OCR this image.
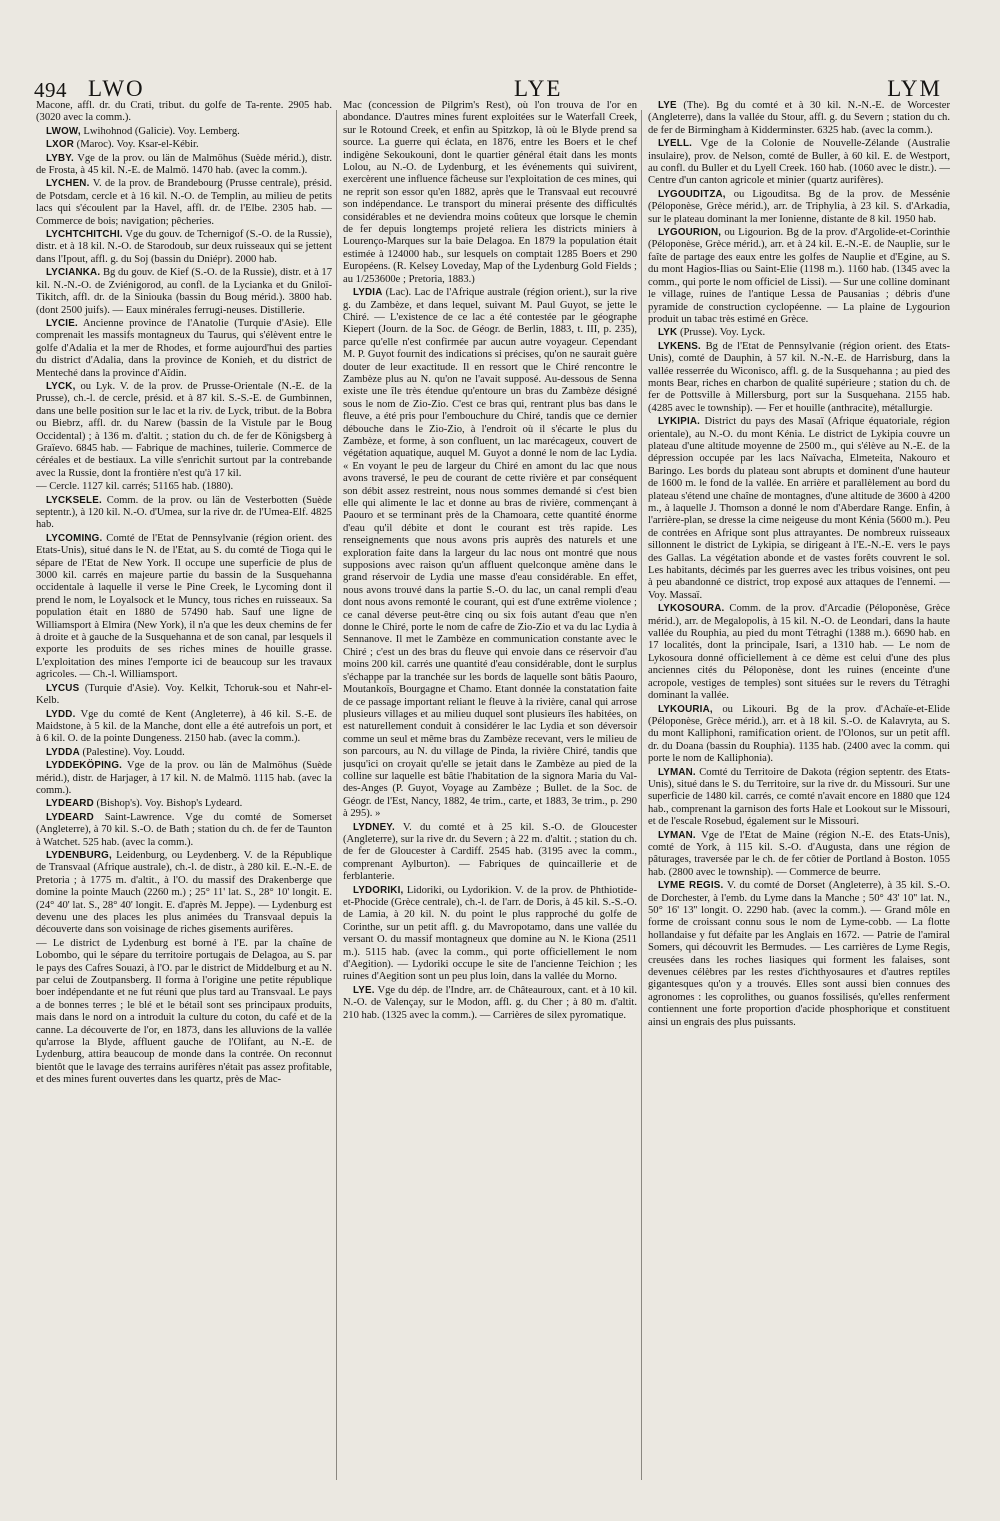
494 LWO	LYE	LYM

Macone, affl. dr. du Crati, tribut. du golfe de Ta-rente. 2905 hab. (3020 avec la comm.).

LWOW, Lwihohnod (Galicie). Voy. Lemberg.

LXOR (Maroc). Voy. Ksar-el-Kébir.

LYBY. Vge de la prov. ou län de Malmöhus (Suède mérid.), distr. de Frosta, à 45 kil. N.-E. de Malmö. 1470 hab. (avec la comm.).

LYCHEN. V. de la prov. de Brandebourg (Prusse centrale), présid. de Potsdam, cercle et à 16 kil. N.-O. de Templin, au milieu de petits lacs qui s'écoulent par la Havel, affl. dr. de l'Elbe. 2305 hab. — Commerce de bois; navigation; pêcheries.

LYCHTCHITCHI. Vge du gouv. de Tchernigof (S.-O. de la Russie), distr. et à 18 kil. N.-O. de Starodoub, sur deux ruisseaux qui se jettent dans l'Ipout, affl. g. du Soj (bassin du Dniépr). 2000 hab.

LYCIANKA. Bg du gouv. de Kief (S.-O. de la Russie), distr. et à 17 kil. N.-N.-O. de Zviénigorod, au confl. de la Lycianka et du Gniloï-Tikitch, affl. dr. de la Siniouka (bassin du Boug mérid.). 3800 hab. (dont 2500 juifs). — Eaux minérales ferrugi-neuses. Distillerie.

LYCIE. Ancienne province de l'Anatolie (Turquie d'Asie). Elle comprenait les massifs montagneux du Taurus, qui s'élèvent entre le golfe d'Adalia et la mer de Rhodes, et forme aujourd'hui des parties du district d'Adalia, dans la province de Konieh, et du district de Menteché dans la province d'Aïdin.

LYCK, ou Lyk. V. de la prov. de Prusse-Orientale (N.-E. de la Prusse), ch.-l. de cercle, présid. et à 87 kil. S.-S.-E. de Gumbinnen, dans une belle position sur le lac et la riv. de Lyck, tribut. de la Bobra ou Biebrz, affl. dr. du Narew (bassin de la Vistule par le Boug Occidental) ; à 136 m. d'altit. ; station du ch. de fer de Königsberg à Graïevo. 6845 hab. — Fabrique de machines, tuilerie. Commerce de céréales et de bestiaux. La ville s'enrichit surtout par la contrebande avec la Russie, dont la frontière n'est qu'à 17 kil.

— Cercle. 1127 kil. carrés; 51165 hab. (1880).

LYCKSELE. Comm. de la prov. ou län de Vesterbotten (Suède septentr.), à 120 kil. N.-O. d'Umea, sur la rive dr. de l'Umea-Elf. 4825 hab.

LYCOMING. Comté de l'Etat de Pennsylvanie (région orient. des Etats-Unis), situé dans le N. de l'Etat, au S. du comté de Tioga qui le sépare de l'Etat de New York. Il occupe une superficie de plus de 3000 kil. carrés en majeure partie du bassin de la Susquehanna occidentale à laquelle il verse le Pine Creek, le Lycoming dont il prend le nom, le Loyalsock et le Muncy, tous riches en ruisseaux. Sa population était en 1880 de 57490 hab. Sauf une ligne de Williamsport à Elmira (New York), il n'a que les deux chemins de fer à droite et à gauche de la Susquehanna et de son canal, par lesquels il exporte les produits de ses riches mines de houille grasse. L'exploitation des mines l'emporte ici de beaucoup sur les travaux agricoles. — Ch.-l. Williamsport.

LYCUS (Turquie d'Asie). Voy. Kelkit, Tchoruk-sou et Nahr-el-Kelb.

LYDD. Vge du comté de Kent (Angleterre), à 46 kil. S.-E. de Maidstone, à 5 kil. de la Manche, dont elle a été autrefois un port, et à 6 kil. O. de la pointe Dungeness. 2150 hab. (avec la comm.).

LYDDA (Palestine). Voy. Loudd.

LYDDEKÖPING. Vge de la prov. ou län de Malmöhus (Suède mérid.), distr. de Harjager, à 17 kil. N. de Malmö. 1115 hab. (avec la comm.).

LYDEARD (Bishop's). Voy. Bishop's Lydeard.

LYDEARD Saint-Lawrence. Vge du comté de Somerset (Angleterre), à 70 kil. S.-O. de Bath ; station du ch. de fer de Taunton à Watchet. 525 hab. (avec la comm.).

LYDENBURG, Leidenburg, ou Leydenberg. V. de la République de Transvaal (Afrique australe), ch.-l. de distr., à 280 kil. E.-N.-E. de Pretoria ; à 1775 m. d'altit., à l'O. du massif des Drakenberge que domine la pointe Mauch (2260 m.) ; 25° 11' lat. S., 28° 10' longit. E. (24° 40' lat. S., 28° 40' longit. E. d'après M. Jeppe). — Lydenburg est devenu une des places les plus animées du Transvaal depuis la découverte dans son voisinage de riches gisements aurifères.

— Le district de Lydenburg est borné à l'E. par la chaîne de Lobombo, qui le sépare du territoire portugais de Delagoa, au S. par le pays des Cafres Souazi, à l'O. par le district de Middelburg et au N. par celui de Zoutpansberg. Il forma à l'origine une petite république boer indépendante et ne fut réuni que plus tard au Transvaal. Le pays a de bonnes terres ; le blé et le bétail sont ses principaux produits, mais dans le nord on a introduit la culture du coton, du café et de la canne. La découverte de l'or, en 1873, dans les alluvions de la vallée qu'arrose la Blyde, affluent gauche de l'Olifant, au N.-E. de Lydenburg, attira beaucoup de monde dans la contrée. On reconnut bientôt que le lavage des terrains aurifères n'était pas assez profitable, et des mines furent ouvertes dans les quartz, près de Mac-

Mac (concession de Pilgrim's Rest), où l'on trouva de l'or en abondance. D'autres mines furent exploitées sur le Waterfall Creek, sur le Rotound Creek, et enfin au Spitzkop, là où le Blyde prend sa source. La guerre qui éclata, en 1876, entre les Boers et le chef indigène Sekoukouni, dont le quartier général était dans les monts Lolou, au N.-O. de Lydenburg, et les événements qui suivirent, exercèrent une influence fâcheuse sur l'exploitation de ces mines, qui ne reprit son essor qu'en 1882, après que le Transvaal eut recouvré son indépendance. Le transport du minerai présente des difficultés considérables et ne deviendra moins coûteux que lorsque le chemin de fer depuis longtemps projeté reliera les districts miniers à Lourenço-Marques sur la baie Delagoa. En 1879 la population était estimée à 124000 hab., sur lesquels on comptait 1285 Boers et 290 Européens. (R. Kelsey Loveday, Map of the Lydenburg Gold Fields ; au 1/253600e ; Pretoria, 1883.)

LYDIA (Lac). Lac de l'Afrique australe (région orient.), sur la rive g. du Zambèze, et dans lequel, suivant M. Paul Guyot, se jette le Chiré. — L'existence de ce lac a été contestée par le géographe Kiepert (Journ. de la Soc. de Géogr. de Berlin, 1883, t. III, p. 235), parce qu'elle n'est confirmée par aucun autre voyageur. Cependant M. P. Guyot fournit des indications si précises, qu'on ne saurait guère douter de leur exactitude. Il en ressort que le Chiré rencontre le Zambèze plus au N. qu'on ne l'avait supposé. Au-dessous de Senna existe une île très étendue qu'entoure un bras du Zambèze désigné sous le nom de Zio-Zio. C'est ce bras qui, rentrant plus bas dans le fleuve, a été pris pour l'embouchure du Chiré, tandis que ce dernier débouche dans le Zio-Zio, à l'endroit où il s'écarte le plus du Zambèze, et forme, à son confluent, un lac marécageux, couvert de végétation aquatique, auquel M. Guyot a donné le nom de lac Lydia. « En voyant le peu de largeur du Chiré en amont du lac que nous avons traversé, le peu de courant de cette rivière et par conséquent son débit assez restreint, nous nous sommes demandé si c'est bien elle qui alimente le lac et donne au bras de rivière, commençant à Paouro et se terminant près de la Chamoara, cette quantité énorme d'eau qu'il débite et dont le courant est très rapide. Les renseignements que nous avons pris auprès des naturels et une exploration faite dans la largeur du lac nous ont montré que nous supposions avec raison qu'un affluent quelconque amène dans le grand réservoir de Lydia une masse d'eau considérable. En effet, nous avons trouvé dans la partie S.-O. du lac, un canal rempli d'eau dont nous avons remonté le courant, qui est d'une extrême violence ; ce canal déverse peut-être cinq ou six fois autant d'eau que n'en donne le Chiré, porte le nom de cafre de Zio-Zio et va du lac Lydia à Sennanove. Il met le Zambèze en communication constante avec le Chiré ; c'est un des bras du fleuve qui envoie dans ce réservoir d'au moins 200 kil. carrés une quantité d'eau considérable, dont le surplus s'échappe par la tranchée sur les bords de laquelle sont bâtis Paouro, Moutankoïs, Bourgagne et Chamo. Etant donnée la constatation faite de ce passage important reliant le fleuve à la rivière, canal qui arrose plusieurs villages et au milieu duquel sont plusieurs îles habitées, on est naturellement conduit à considérer le lac Lydia et son déversoir comme un seul et même bras du Zambèze recevant, vers le milieu de son parcours, au N. du village de Pinda, la rivière Chiré, tandis que jusqu'ici on croyait qu'elle se jetait dans le Zambèze au pied de la colline sur laquelle est bâtie l'habitation de la signora Maria du Val-des-Anges (P. Guyot, Voyage au Zambèze ; Bullet. de la Soc. de Géogr. de l'Est, Nancy, 1882, 4e trim., carte, et 1883, 3e trim., p. 290 à 295). »

LYDNEY. V. du comté et à 25 kil. S.-O. de Gloucester (Angleterre), sur la rive dr. du Severn ; à 22 m. d'altit. ; station du ch. de fer de Gloucester à Cardiff. 2545 hab. (3195 avec la comm., comprenant Aylburton). — Fabriques de quincaillerie et de ferblanterie.

LYDORIKI, Lidoriki, ou Lydorikion. V. de la prov. de Phthiotide-et-Phocide (Grèce centrale), ch.-l. de l'arr. de Doris, à 45 kil. S.-S.-O. de Lamia, à 20 kil. N. du point le plus rapproché du golfe de Corinthe, sur un petit affl. g. du Mavropotamo, dans une vallée du versant O. du massif montagneux que domine au N. le Kiona (2511 m.). 5115 hab. (avec la comm., qui porte officiellement le nom d'Aegition). — Lydoriki occupe le site de l'ancienne Teichion ; les ruines d'Aegition sont un peu plus loin, dans la vallée du Morno.

LYE. Vge du dép. de l'Indre, arr. de Châteauroux, cant. et à 10 kil. N.-O. de Valençay, sur le Modon, affl. g. du Cher ; à 80 m. d'altit. 210 hab. (1325 avec la comm.). — Carrières de silex pyromatique.

LYE (The). Bg du comté et à 30 kil. N.-N.-E. de Worcester (Angleterre), dans la vallée du Stour, affl. g. du Severn ; station du ch. de fer de Birmingham à Kidderminster. 6325 hab. (avec la comm.).

LYELL. Vge de la Colonie de Nouvelle-Zélande (Australie insulaire), prov. de Nelson, comté de Buller, à 60 kil. E. de Westport, au confl. du Buller et du Lyell Creek. 160 hab. (1060 avec le distr.). — Centre d'un canton agricole et minier (quartz aurifères).

LYGOUDITZA, ou Ligouditsa. Bg de la prov. de Messénie (Péloponèse, Grèce mérid.), arr. de Triphylia, à 23 kil. S. d'Arkadia, sur le plateau dominant la mer Ionienne, distante de 8 kil. 1950 hab.

LYGOURION, ou Ligourion. Bg de la prov. d'Argolide-et-Corinthie (Péloponèse, Grèce mérid.), arr. et à 24 kil. E.-N.-E. de Nauplie, sur le faîte de partage des eaux entre les golfes de Nauplie et d'Egine, au S. du mont Hagios-Ilias ou Saint-Elie (1198 m.). 1160 hab. (1345 avec la comm., qui porte le nom officiel de Lissi). — Sur une colline dominant le village, ruines de l'antique Lessa de Pausanias ; débris d'une pyramide de construction cyclopéenne. — La plaine de Lygourion produit un tabac très estimé en Grèce.

LYK (Prusse). Voy. Lyck.

LYKENS. Bg de l'Etat de Pennsylvanie (région orient. des Etats-Unis), comté de Dauphin, à 57 kil. N.-N.-E. de Harrisburg, dans la vallée resserrée du Wiconisco, affl. g. de la Susquehanna ; au pied des monts Bear, riches en charbon de qualité supérieure ; station du ch. de fer de Pottsville à Millersburg, port sur la Susquehana. 2155 hab. (4285 avec le township). — Fer et houille (anthracite), métallurgie.

LYKIPIA. District du pays des Masaï (Afrique équatoriale, région orientale), au N.-O. du mont Kénia. Le district de Lykipia couvre un plateau d'une altitude moyenne de 2500 m., qui s'élève au N.-E. de la dépression occupée par les lacs Naïvacha, Elmeteita, Nakouro et Baringo. Les bords du plateau sont abrupts et dominent d'une hauteur de 1600 m. le fond de la vallée. En arrière et parallèlement au bord du plateau s'étend une chaîne de montagnes, d'une altitude de 3600 à 4200 m., à laquelle J. Thomson a donné le nom d'Aberdare Range. Enfin, à l'arrière-plan, se dresse la cime neigeuse du mont Kénia (5600 m.). Peu de contrées en Afrique sont plus attrayantes. De nombreux ruisseaux sillonnent le district de Lykipia, se dirigeant à l'E.-N.-E. vers le pays des Gallas. La végétation abonde et de vastes forêts couvrent le sol. Les habitants, décimés par les guerres avec les tribus voisines, ont peu à peu abandonné ce district, trop exposé aux attaques de l'ennemi. — Voy. Massaï.

LYKOSOURA. Comm. de la prov. d'Arcadie (Péloponèse, Grèce mérid.), arr. de Megalopolis, à 15 kil. N.-O. de Leondari, dans la haute vallée du Rouphia, au pied du mont Tétraghi (1388 m.). 6690 hab. en 17 localités, dont la principale, Isari, a 1310 hab. — Le nom de Lykosoura donné officiellement à ce dème est celui d'une des plus anciennes cités du Péloponèse, dont les ruines (enceinte d'une acropole, vestiges de temples) sont situées sur le revers du Tétraghi dominant la vallée.

LYKOURIA, ou Likouri. Bg de la prov. d'Achaïe-et-Elide (Péloponèse, Grèce mérid.), arr. et à 18 kil. S.-O. de Kalavryta, au S. du mont Kalliphoni, ramification orient. de l'Olonos, sur un petit affl. dr. du Doana (bassin du Rouphia). 1135 hab. (2400 avec la comm. qui porte le nom de Kalliphonia).

LYMAN. Comté du Territoire de Dakota (région septentr. des Etats-Unis), situé dans le S. du Territoire, sur la rive dr. du Missouri. Sur une superficie de 1480 kil. carrés, ce comté n'avait encore en 1880 que 124 hab., comprenant la garnison des forts Hale et Lookout sur le Missouri, et de l'escale Rosebud, également sur le Missouri.

LYMAN. Vge de l'Etat de Maine (région N.-E. des Etats-Unis), comté de York, à 115 kil. S.-O. d'Augusta, dans une région de pâturages, traversée par le ch. de fer côtier de Portland à Boston. 1055 hab. (2800 avec le township). — Commerce de beurre.

LYME REGIS. V. du comté de Dorset (Angleterre), à 35 kil. S.-O. de Dorchester, à l'emb. du Lyme dans la Manche ; 50° 43' 10'' lat. N., 50° 16' 13'' longit. O. 2290 hab. (avec la comm.). — Grand môle en forme de croissant connu sous le nom de Lyme-cobb. — La flotte hollandaise y fut défaite par les Anglais en 1672. — Patrie de l'amiral Somers, qui découvrit les Bermudes. — Les carrières de Lyme Regis, creusées dans les roches liasiques qui forment les falaises, sont devenues célèbres par les restes d'ichthyosaures et d'autres reptiles gigantesques qu'on y a trouvés. Elles sont aussi bien connues des agronomes : les coprolithes, ou guanos fossilisés, qu'elles renferment contiennent une forte proportion d'acide phosphorique et constituent ainsi un engrais des plus puissants.
